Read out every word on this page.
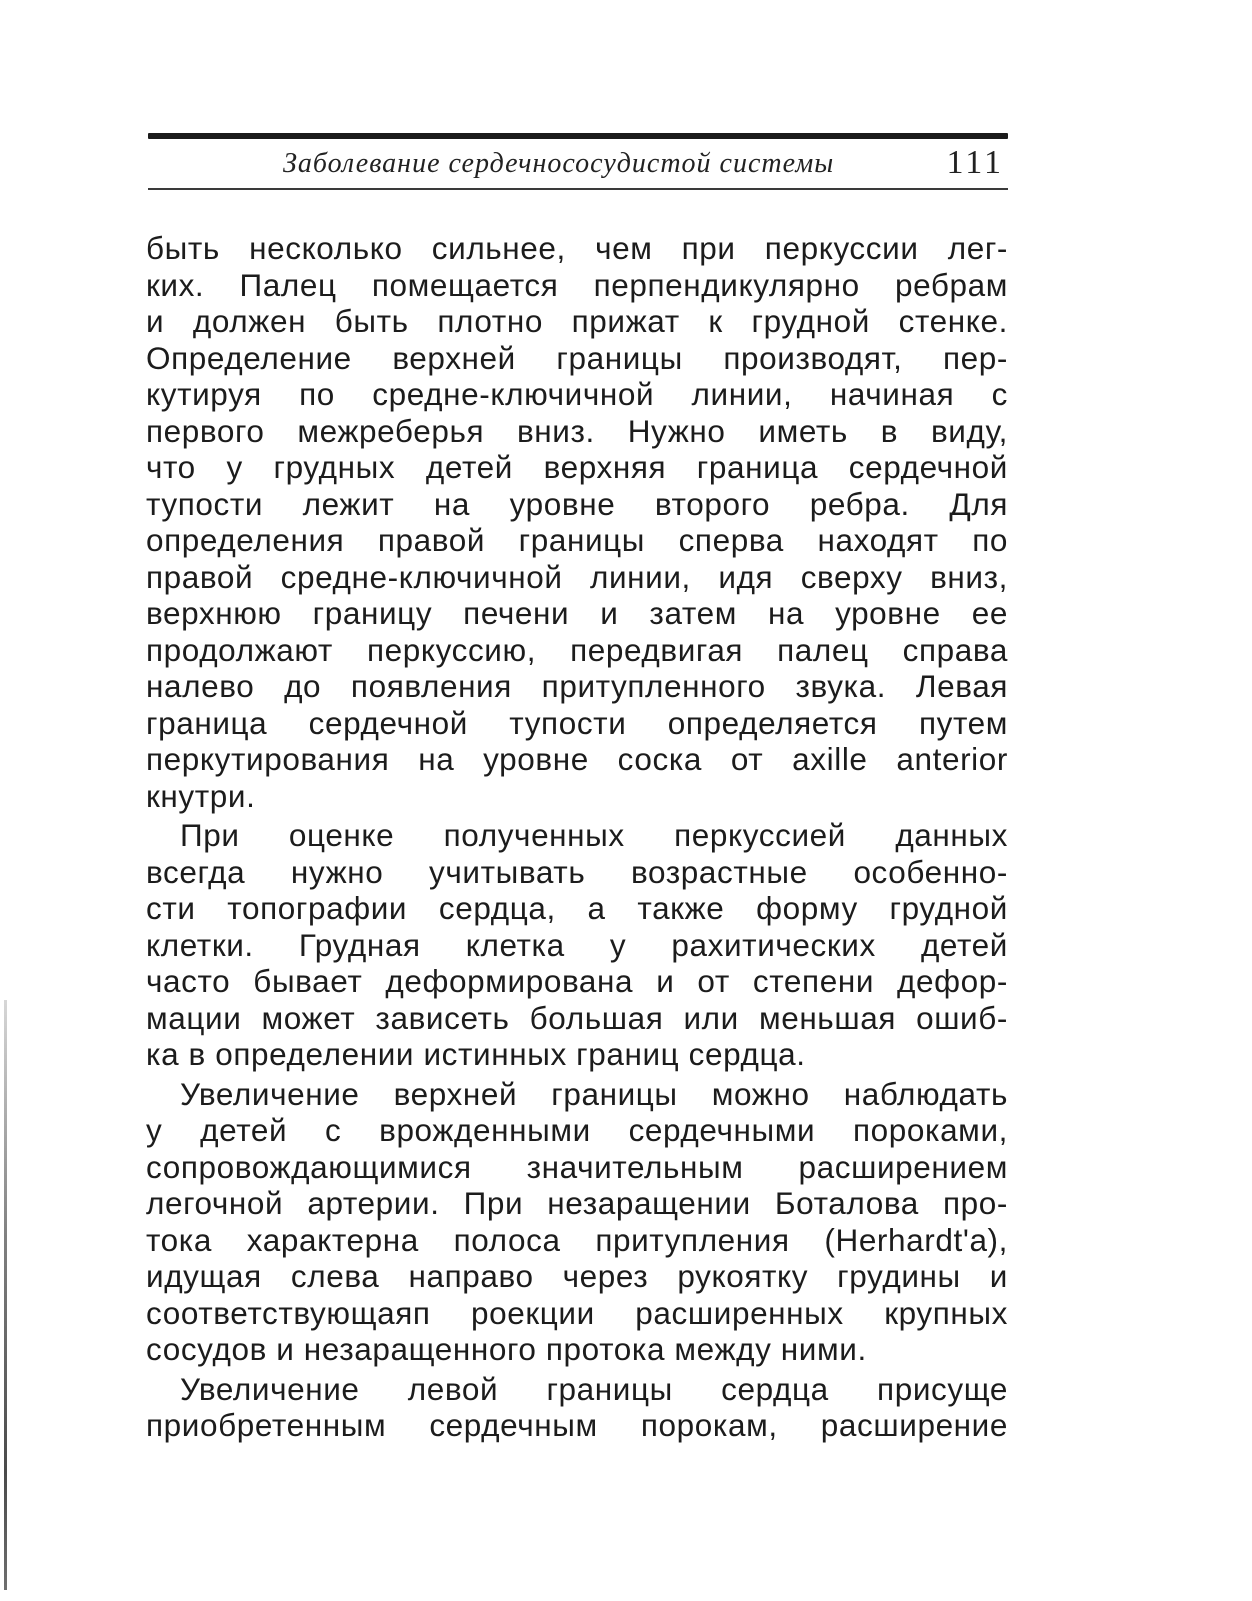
Заболевание сердечнососудистой системы	111
быть несколько сильнее, чем при перкуссии лег-
ких. Палец помещается перпендикулярно ребрам
и должен быть плотно прижат к грудной стенке.
Определение верхней границы производят, пер-
кутируя по средне-ключичной линии, начиная с
первого межреберья вниз. Нужно иметь в виду,
что у грудных детей верхняя граница сердечной
тупости лежит на уровне второго ребра. Для
определения правой границы сперва находят по
правой средне-ключичной линии, идя сверху вниз,
верхнюю границу печени и затем на уровне ее
продолжают перкуссию, передвигая палец справа
налево до появления притупленного звука. Левая
граница сердечной тупости определяется путем
перкутирования на уровне соска от axille anterior
кнутри.
При оценке полученных перкуссией данных
всегда нужно учитывать возрастные особенно-
сти топографии сердца, а также форму грудной
клетки. Грудная клетка у рахитических детей
часто бывает деформирована и от степени дефор-
мации может зависеть большая или меньшая ошиб-
ка в определении истинных границ сердца.
Увеличение верхней границы можно наблюдать
у детей с врожденными сердечными пороками,
сопровождающимися значительным расширением
легочной артерии. При незаращении Боталова про-
тока характерна полоса притупления (Herhardt'a),
идущая слева направо через рукоятку грудины и
соответствующаяп роекции расширенных крупных
сосудов и незаращенного протока между ними.
Увеличение левой границы сердца присуще
приобретенным сердечным порокам, расширение
